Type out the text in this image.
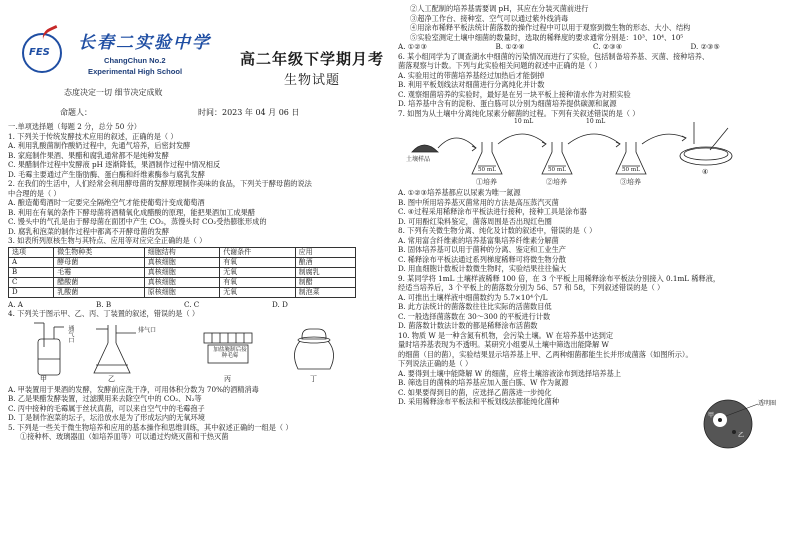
FES 长春二实验中学
ChangChun No.2
Experimental High School
高二年级下学期月考
生物试题
态度决定一切 细节决定成败
命题人：	时间：2023 年 04 月 06 日
一.单项选择题（每题 2 分，总分 50 分）
1. 下列关于传统发酵技术应用的叙述，正确的是（ ）
A. 利用乳酸菌制作酸奶过程中，先通气培养，后密封发酵
B. 家庭制作果酒、果醋和腐乳通常都不是纯种发酵
C. 果醋制作过程中发酵液 pH 逐渐降低，果酒制作过程中情况相反
D. 毛霉主要通过产生脂肪酶、蛋白酶和纤维素酶参与腐乳发酵
2. 在我们的生活中，人们经常会利用酵母菌的发酵原理制作美味的食品，下列关于酵母菌的说法
中合理的是（ ）
A. 酿造葡萄酒时一定要完全隔绝空气才能使葡萄汁变成葡萄酒
B. 利用在有氧的条件下酵母菌将酒精氧化成醋酸的原理，能把果酒加工成果醋
C. 馒头中的气孔是由于酵母菌在面团中产生 CO₂，蒸馒头时 CO₂受热膨胀形成的
D. 腐乳和泡菜的制作过程中都离不开酵母菌的发酵
3. 如表所列原核生物与其特点、应用等对应完全正确的是（ ）
选项	微生物种类	细胞结构	代谢条件	应用
A	酵母菌	真核细胞	有氧	酿酒
B	毛霉	真核细胞	无氧	制腐乳
C	醋酸菌	真核细胞	有氧	制醋
D	乳酸菌	原核细胞	无氧	制泡菜
A. A	B. B	C. C	D. D
4. 下列关于图示甲、乙、丙、丁装置的叙述，错误的是（ ）
甲
通气口
乙
排气口
加盐腌制后接种毛霉
丙	丁
A. 甲装置用于果酒的发酵，发酵前应洗干净，可用体积分数为 70%的酒精消毒
B. 乙是果醋发酵装置，过滤膜用来去除空气中的 CO₂、N₂等
C. 丙中接种的毛霉属于丝状真菌，可以来自空气中的毛霉孢子
D. 丁是制作泡菜的坛子，坛沿放水是为了形成坛内的无氧环境
5. 下列是一些关于微生物培养和应用的基本操作和思维训练，其中叙述正确的一组是（ ）
①接种杯、玻璃器皿（如培养皿等）可以通过灼烧灭菌和干热灭菌
②人工配制的培养基需要调 pH，其应在分装灭菌前进行
③超净工作台、接种室、空气可以通过紫外线消毒
④用涂布稀释平板法统计菌落数的操作过程中可以用于观察到微生物的形态、大小、结构
⑤实验室测定土壤中细菌的数量时，选取的稀释度的要求通常分别是：10³、10⁴、10⁵
A. ①②③	B. ①②④	C. ②③④	D. ②③⑤
6. 某小组同学为了调查湖水中细菌的污染情况而进行了实验，包括制备培养基、灭菌、接种培养、
菌落观察与计数。下列与此实验相关问题的叙述中正确的是（ ）
A. 实验用过的带菌培养基经过加热后才能倒掉
B. 利用平板划线法对细菌进行分离纯化并计数
C. 观察细菌培养的实验时，最好是在另一块平板上接种清水作为对照实验
D. 培养基中含有的淀粉、蛋白胨可以分别为细菌培养提供碳源和氮源
7. 如图为从土壤中分离纯化尿素分解菌的过程。下列有关叙述错误的是（ ）
土壤样品
10 mL	10 mL
50 mL	50 mL	50 mL
①培养	②培养	③培养
④
A. ①②③培养基都应以尿素为唯一氮源
B. 图中所用培养基灭菌常用的方法是高压蒸汽灭菌
C. ④过程采用稀释涂布平板法进行接种，接种工具是涂布器
D. 可用酚红染料鉴定，菌落周围是否出现红色圈
8. 下列有关微生物分离、纯化及计数的叙述中，错误的是（ ）
A. 常用富含纤维素的培养基富集培养纤维素分解菌
B. 固体培养基可以用于菌种的分离、鉴定和工业生产
C. 稀释涂布平板法通过系列梯度稀释可将微生物分散
D. 用血细胞计数板计数微生物时，实验结果往往偏大
9. 某同学将 1mL 土壤样液稀释 100 倍，在 3 个平板上用稀释涂布平板法分别接入 0.1mL 稀释液，
经适当培养后，3 个平板上的菌落数分别为 56、57 和 58，下列叙述错误的是（ ）
A. 可推出土壤样液中细菌数约为 5.7×10⁴个/L
B. 此方法统计的菌落数往往比实际的活菌数目低
C. 一般选择菌落数在 30～300 的平板进行计数
D. 菌落数计数法计数的都是稀释涂布活菌数
10. 物质 W 是一种含氮有机物，会污染土壤。W 在培养基中达到定
量时培养基表现为不透明。某研究小组要从土壤中筛选出能降解 W
的细菌（目的菌），实验结果显示培养基上甲、乙两种细菌都能生长并形成菌落（如图所示）。
下列说法正确的是（ ）
A. 要得到土壤中能降解 W 的细菌，应将土壤溶液涂布到选择培养基上
B. 筛选目的菌株的培养基应加入蛋白胨、W 作为氮源
C. 如果要得到目的菌，应选择乙菌落进一步纯化
D. 采用稀释涂布平板法和平板划线法都能纯化菌种	透明圈
甲
乙
